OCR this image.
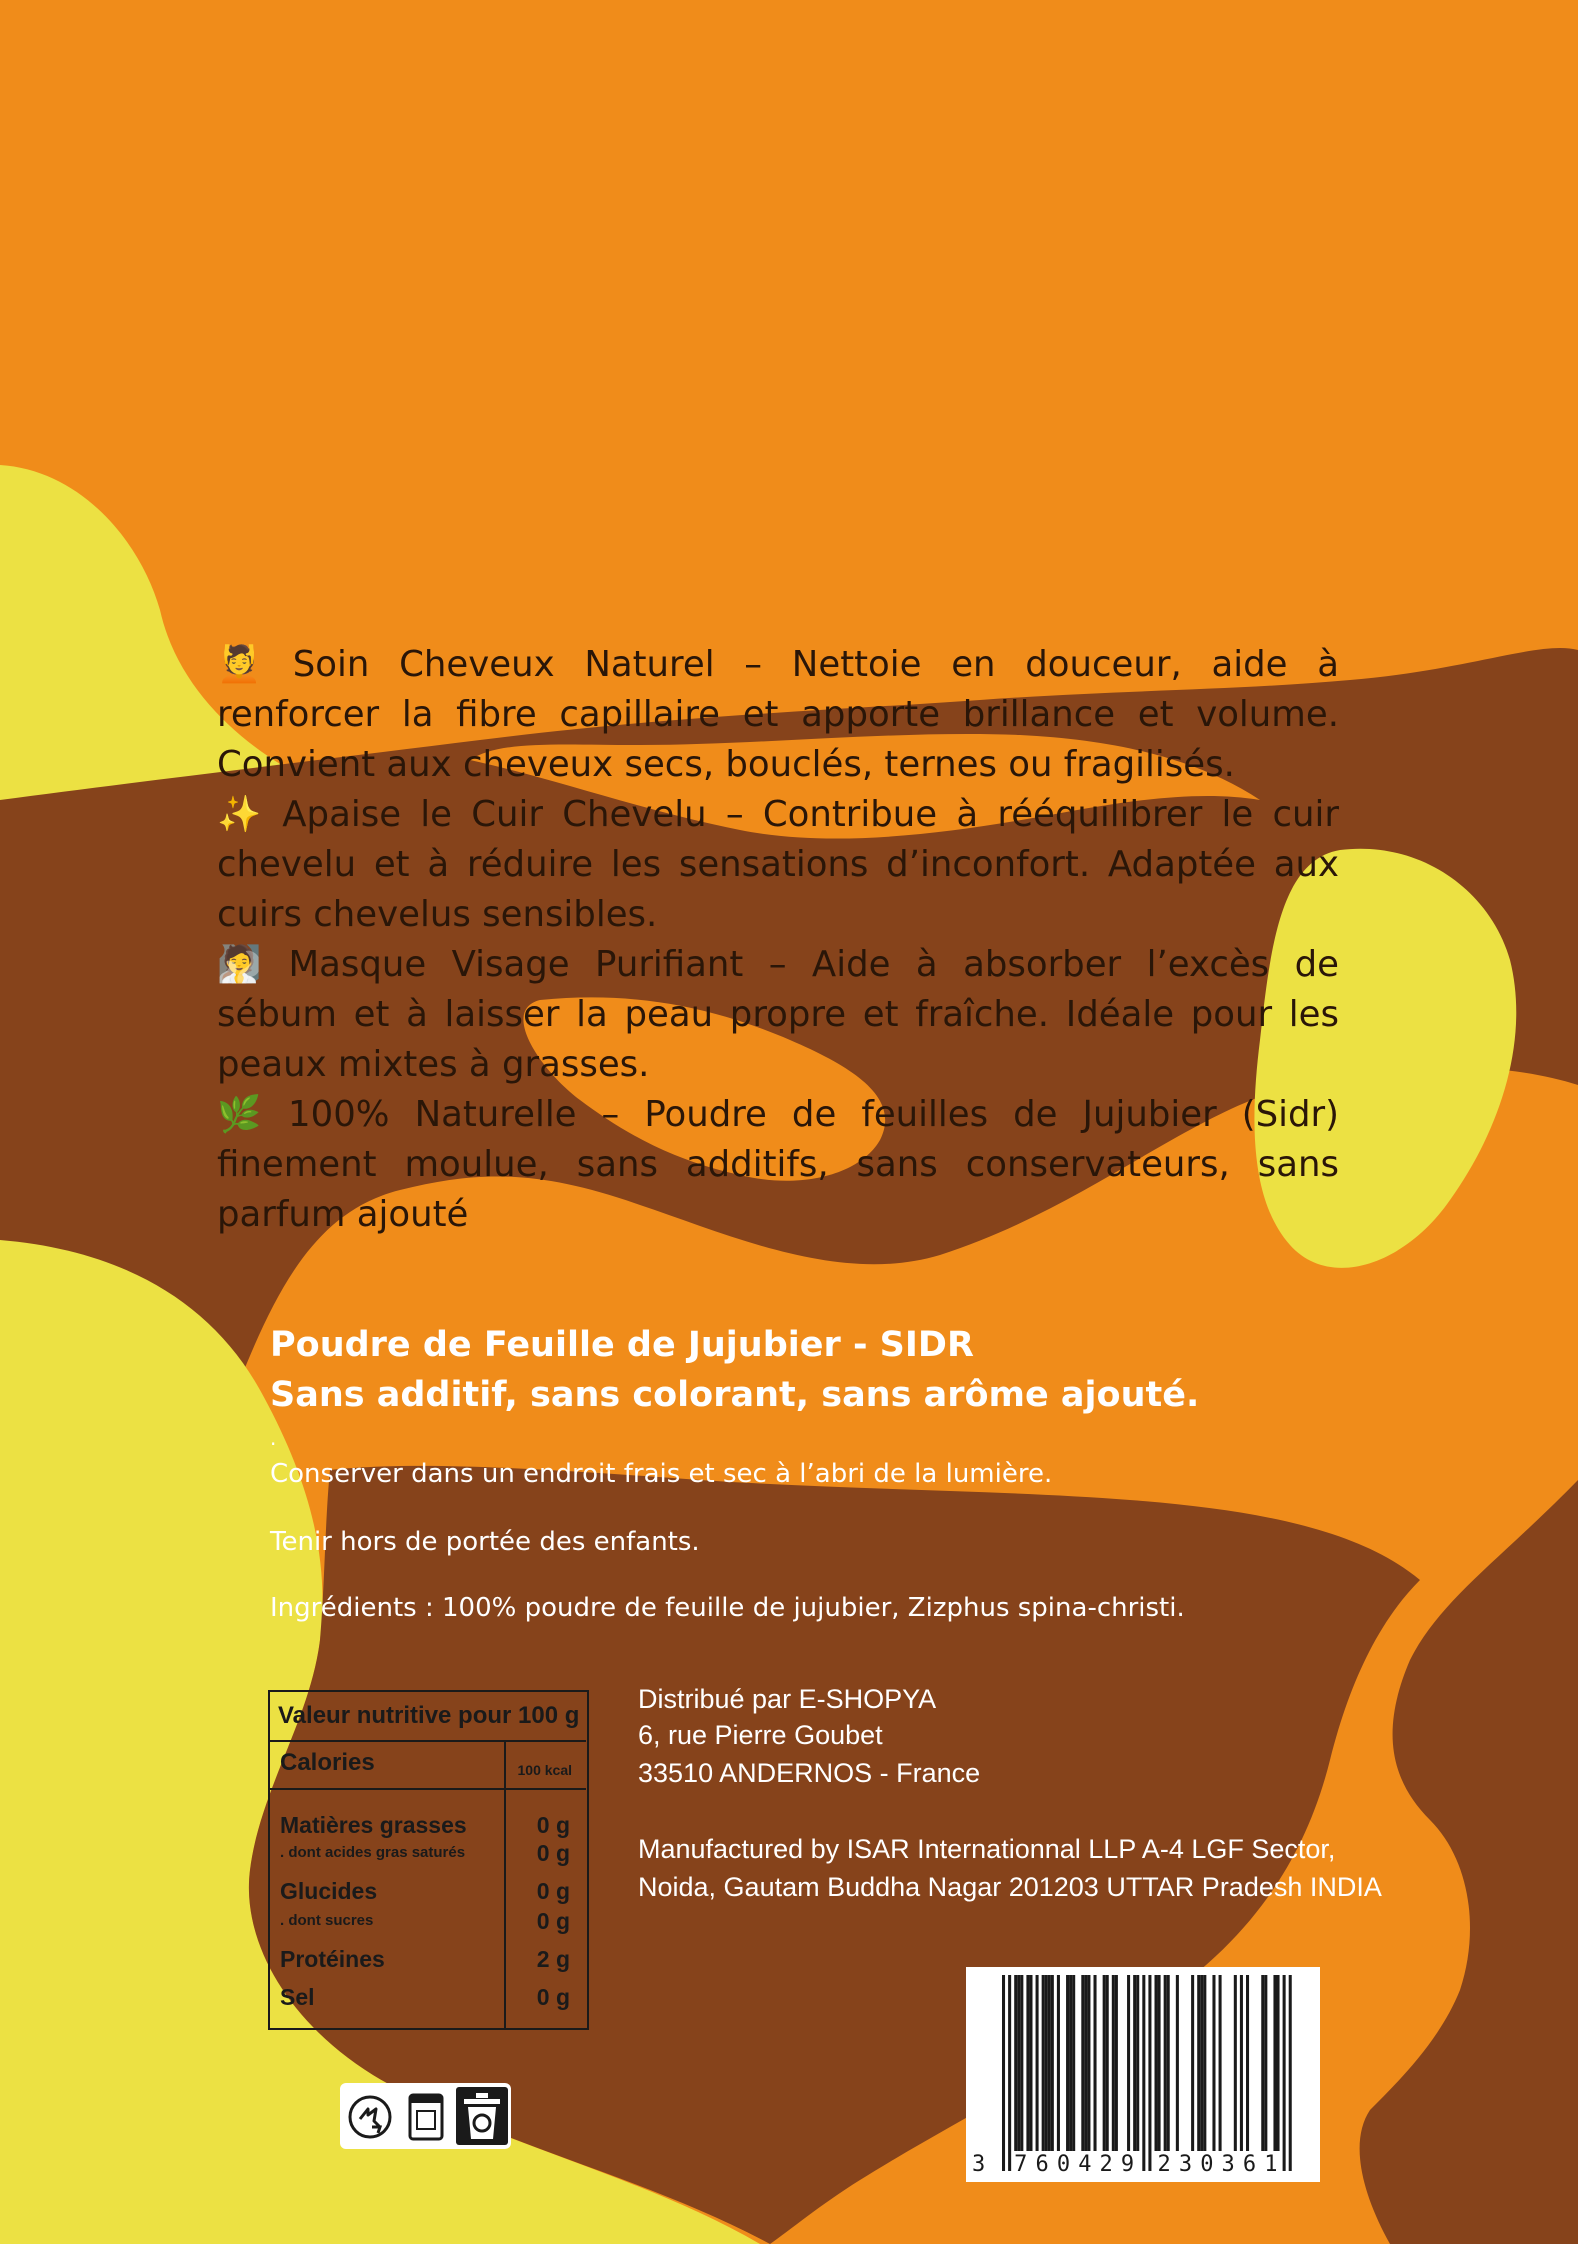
💆 Soin Cheveux Naturel – Nettoie en douceur, aide à renforcer la fibre capillaire et apporte brillance et volume. Convient aux cheveux secs, bouclés, ternes ou fragilisés.

✨ Apaise le Cuir Chevelu – Contribue à rééquilibrer le cuir chevelu et à réduire les sensations d’inconfort. Adaptée aux cuirs chevelus sensibles.

🧖 Masque Visage Purifiant – Aide à absorber l’excès de sébum et à laisser la peau propre et fraîche. Idéale pour les peaux mixtes à grasses.

🌿 100% Naturelle – Poudre de feuilles de Jujubier (Sidr) finement moulue, sans additifs, sans conservateurs, sans parfum ajouté

Poudre de Feuille de Jujubier - SIDR
Sans additif, sans colorant, sans arôme ajouté.
.
Conserver dans un endroit frais et sec à l’abri de la lumière.
Tenir hors de portée des enfants.
Ingrédients : 100% poudre de feuille de jujubier, Zizphus spina-christi.
Valeur nutritive pour 100 g
Calories	100 kcal
Matières grasses	0 g
. dont acides gras saturés	0 g
Glucides	0 g
. dont sucres	0 g
Protéines	2 g
Sel	0 g
Distribué par E-SHOPYA
6, rue Pierre Goubet
33510 ANDERNOS - France
Manufactured by ISAR Internationnal LLP A-4 LGF Sector,
Noida, Gautam Buddha Nagar 201203 UTTAR Pradesh INDIA
3 7 6 0 4 2 9 2 3 0 3 6 1
